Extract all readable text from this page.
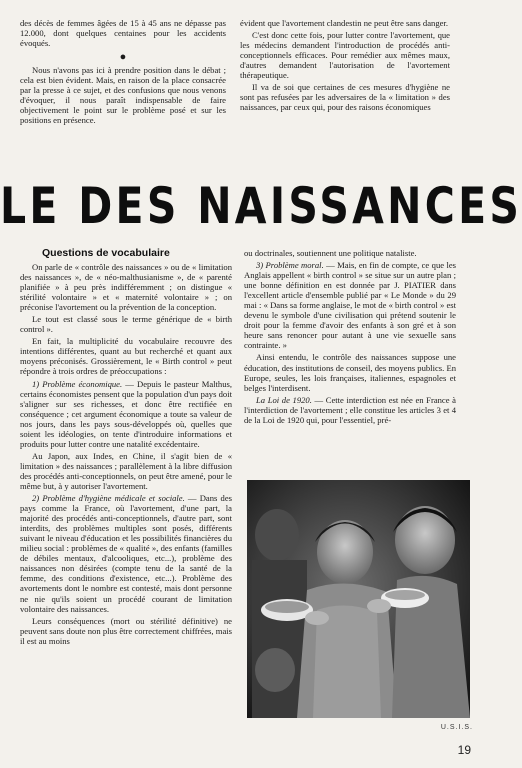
des décès de femmes âgées de 15 à 45 ans ne dépasse pas 12.000, dont quelques centaines pour les accidents évoqués.

●

Nous n'avons pas ici à prendre position dans le débat ; cela est bien évident. Mais, en raison de la place consacrée par la presse à ce sujet, et des confusions que nous venons d'évoquer, il nous paraît indispensable de faire objectivement le point sur le problème posé et sur les positions en présence.

évident que l'avortement clandestin ne peut être sans danger.

C'est donc cette fois, pour lutter contre l'avortement, que les médecins demandent l'introduction de procédés anti-conceptionnels efficaces. Pour remédier aux mêmes maux, d'autres demandent l'autorisation de l'avortement thérapeutique.

Il va de soi que certaines de ces mesures d'hygiène ne sont pas refusées par les adversaires de la « limitation » des naissances, par ceux qui, pour des raisons économiques

LE DES NAISSANCES
Questions de vocabulaire

On parle de « contrôle des naissances » ou de « limitation des naissances », de « néo-malthusianisme », de « parenté planifiée » à peu près indifféremment ; on distingue « stérilité volontaire » et « maternité volontaire » ; on préconise l'avortement ou la prévention de la conception.

Le tout est classé sous le terme générique de « birth control ».

En fait, la multiplicité du vocabulaire recouvre des intentions différentes, quant au but recherché et quant aux moyens préconisés. Grossièrement, le « Birth control » peut répondre à trois ordres de préoccupations :

1) Problème économique. — Depuis le pasteur Malthus, certains économistes pensent que la population d'un pays doit s'aligner sur ses richesses, et donc être rectifiée en conséquence ; cet argument économique a toute sa valeur de nos jours, dans les pays sous-développés où, quelles que soient les idéologies, on tente d'introduire informations et produits pour lutter contre une natalité excédentaire.

Au Japon, aux Indes, en Chine, il s'agit bien de « limitation » des naissances ; parallèlement à la libre diffusion des procédés anti-conceptionnels, on peut être amené, pour le même but, à y autoriser l'avortement.

2) Problème d'hygiène médicale et sociale. — Dans des pays comme la France, où l'avortement, d'une part, la majorité des procédés anti-conceptionnels, d'autre part, sont interdits, des problèmes multiples sont posés, différents suivant le niveau d'éducation et les possibilités financières du milieu social : problèmes de « qualité », des enfants (familles de débiles mentaux, d'alcooliques, etc...), problème des naissances non désirées (compte tenu de la santé de la femme, des conditions d'existence, etc...). Problème des avortements dont le nombre est contesté, mais dont personne ne nie qu'ils soient un procédé courant de limitation volontaire des naissances.

Leurs conséquences (mort ou stérilité définitive) ne peuvent sans doute non plus être correctement chiffrées, mais il est au moins

ou doctrinales, soutiennent une politique nataliste.

3) Problème moral. — Mais, en fin de compte, ce que les Anglais appellent « birth control » se situe sur un autre plan ; une bonne définition en est donnée par J. PIATIER dans l'excellent article d'ensemble publié par « Le Monde » du 29 mai : « Dans sa forme anglaise, le mot de « birth control » est devenu le symbole d'une civilisation qui prétend soutenir le droit pour la femme d'avoir des enfants à son gré et à son heure sans renoncer pour autant à une vie sexuelle sans contrainte. »

Ainsi entendu, le contrôle des naissances suppose une éducation, des institutions de conseil, des moyens publics. En Europe, seules, les lois françaises, italiennes, espagnoles et belges l'interdisent.

La Loi de 1920. — Cette interdiction est née en France à l'interdiction de l'avortement ; elle constitue les articles 3 et 4 de la Loi de 1920 qui, pour l'essentiel, pré-

U.S.I.S.
19
